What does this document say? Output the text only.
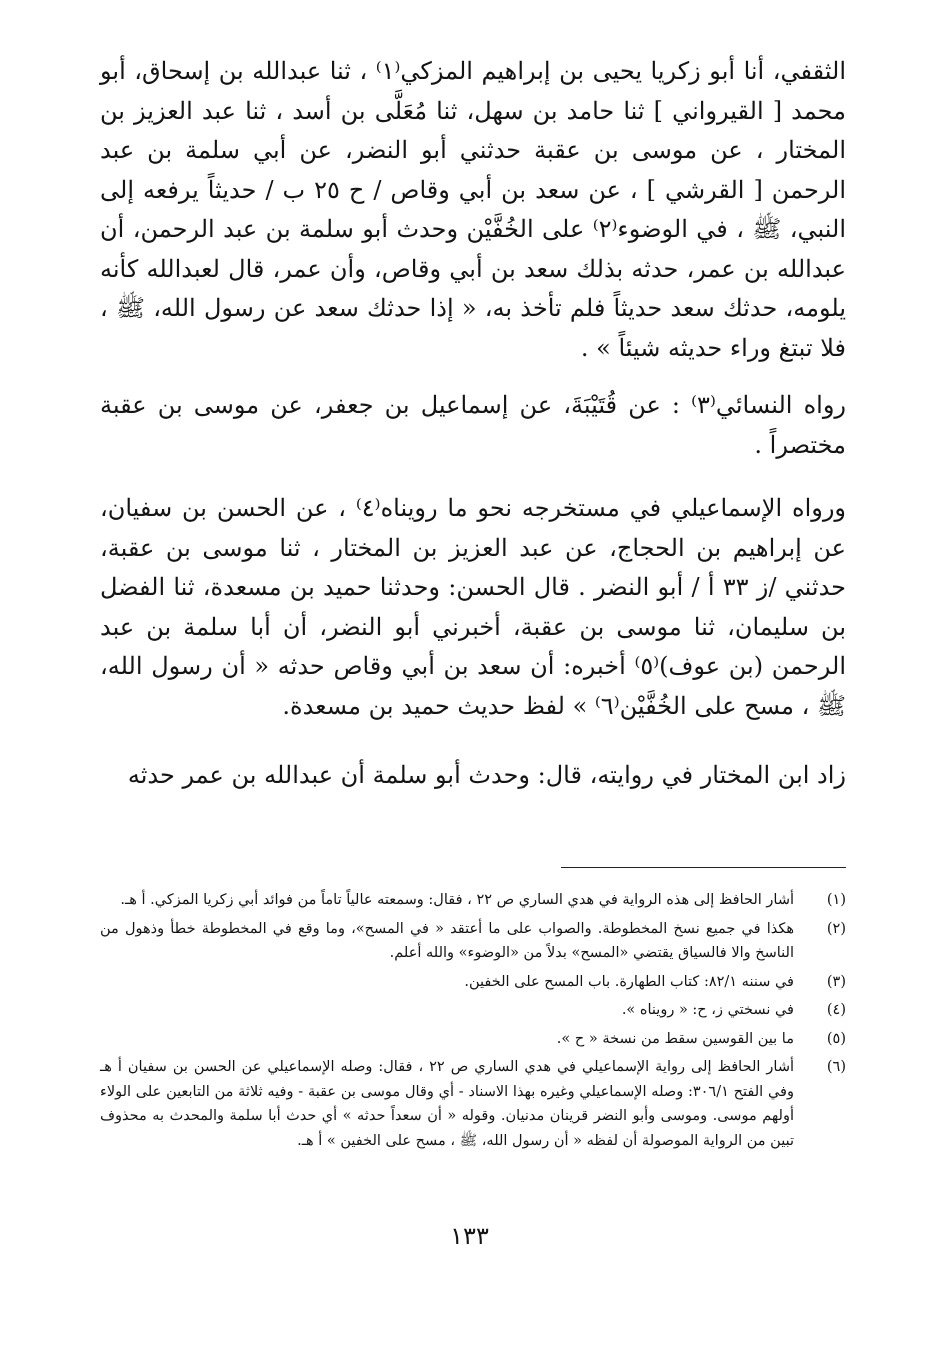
الثقفي، أنا أبو زكريا يحيى بن إبراهيم المزكي⁽١⁾ ، ثنا عبدالله بن إسحاق، أبو محمد [ القيرواني ] ثنا حامد بن سهل، ثنا مُعَلَّى بن أسد ، ثنا عبد العزيز بن المختار ، عن موسى بن عقبة حدثني أبو النضر، عن أبي سلمة بن عبد الرحمن [ القرشي ] ، عن سعد بن أبي وقاص / ح ٢٥ ب / حديثاً يرفعه إلى النبي، ﷺ ، في الوضوء⁽٢⁾ على الخُفَّيْن وحدث أبو سلمة بن عبد الرحمن، أن عبدالله بن عمر، حدثه بذلك سعد بن أبي وقاص، وأن عمر، قال لعبدالله كأنه يلومه، حدثك سعد حديثاً فلم تأخذ به، « إذا حدثك سعد عن رسول الله، ﷺ ، فلا تبتغ وراء حديثه شيئاً » .

رواه النسائي⁽٣⁾ : عن قُتَيْبَةَ، عن إسماعيل بن جعفر، عن موسى بن عقبة مختصراً .

ورواه الإسماعيلي في مستخرجه نحو ما رويناه⁽٤⁾ ، عن الحسن بن سفيان، عن إبراهيم بن الحجاج، عن عبد العزيز بن المختار ، ثنا موسى بن عقبة، حدثني /ز ٣٣ أ / أبو النضر . قال الحسن: وحدثنا حميد بن مسعدة، ثنا الفضل بن سليمان، ثنا موسى بن عقبة، أخبرني أبو النضر، أن أبا سلمة بن عبد الرحمن (بن عوف)⁽٥⁾ أخبره: أن سعد بن أبي وقاص حدثه « أن رسول الله، ﷺ ، مسح على الخُفَّيْن⁽٦⁾ » لفظ حديث حميد بن مسعدة.

زاد ابن المختار في روايته، قال: وحدث أبو سلمة أن عبدالله بن عمر حدثه

(١)
أشار الحافظ إلى هذه الرواية في هدي الساري ص ٢٢ ، فقال: وسمعته عالياً تاماً من فوائد أبي زكريا المزكي. أ هـ.
(٢)
هكذا في جميع نسخ المخطوطة. والصواب على ما أعتقد « في المسح»، وما وقع في المخطوطة خطأ وذهول من الناسخ والا فالسياق يقتضي «المسح» بدلاً من «الوضوء» والله أعلم.
(٣)
في سننه ٨٢/١: كتاب الطهارة. باب المسح على الخفين.
(٤)
في نسختي ز، ح: « رويناه ».
(٥)
ما بين القوسين سقط من نسخة « ح ».
(٦)
أشار الحافظ إلى رواية الإسماعيلي في هدي الساري ص ٢٢ ، فقال: وصله الإسماعيلي عن الحسن بن سفيان أ هـ وفي الفتح ٣٠٦/١: وصله الإسماعيلي وغيره بهذا الاسناد - أي وقال موسى بن عقبة - وفيه ثلاثة من التابعين على الولاء أولهم موسى. وموسى وأبو النضر قرينان مدنيان. وقوله « أن سعداً حدثه » أي حدث أبا سلمة والمحدث به محذوف تبين من الرواية الموصولة أن لفظه « أن رسول الله، ﷺ ، مسح على الخفين » أ هـ.
١٣٣
